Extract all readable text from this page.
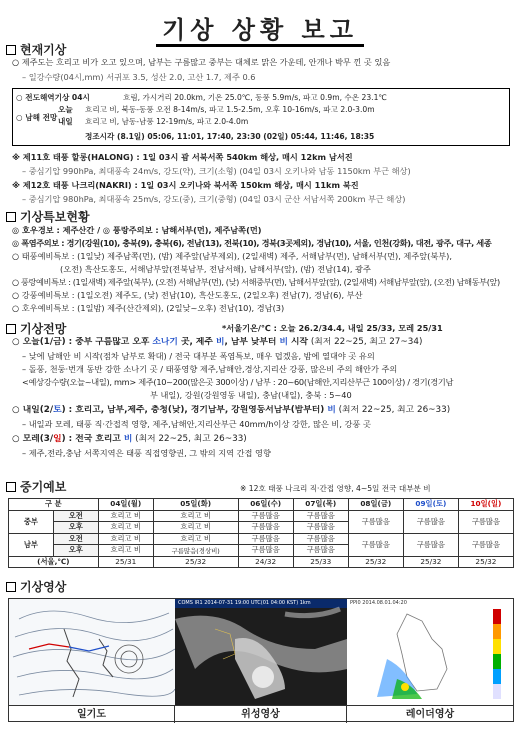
기상 상황 보고
현재기상
○ 제주도는 흐리고 비가 오고 있으며, 남부는 구름많고 중부는 대체로 맑은 가운데, 안개나 박무 낀 곳 있음
– 일강수량(04시,mm) 서귀포 3.5, 성산 2.0, 고산 1.7, 제주 0.6
○ 전도해역기상 04시	흐림, 가시거리 20.0km, 기온 25.0℃, 동풍 5.9m/s, 파고 0.9m, 수온 23.1℃
○ 남해 전망
오늘 흐리고 비, 북동-동풍 오전 8-14m/s, 파고 1.5-2.5m, 오후 10-16m/s, 파고 2.0-3.0m
내일 흐리고 비, 남동-남풍 12-19m/s, 파고 2.0-4.0m
정조시각 (8.1일) 05:06, 11:01, 17:40, 23:30 (02일) 05:44, 11:46, 18:35
※ 제11호 태풍 할롱(HALONG) : 1일 03시 괌 서북서쪽 540km 해상, 매시 12km 남서진
– 중심기압 990hPa, 최대풍속 24m/s, 강도(약), 크기(소형) (04일 03시 오키나와 남동 1150km 부근 해상)
※ 제12호 태풍 나크리(NAKRI) : 1일 03시 오키나와 북서쪽 150km 해상, 매시 11km 북진
– 중심기압 980hPa, 최대풍속 25m/s, 강도(중), 크기(중형) (04일 03시 군산 서남서쪽 200km 부근 해상)
기상특보현황
◎ 호우경보 : 제주산간 / ◎ 풍랑주의보 : 남해서부(먼), 제주남쪽(먼)
◎ 폭염주의보 : 경기(강원(10), 충북(9), 충북(6), 전남(13), 전북(10), 경북(3곳제외), 경남(10), 서울, 인천(강화), 대전, 광주, 대구, 세종
○ 태풍예비특보 : (1일낮) 제주남쪽(먼), (밤) 제주앞(남부제외), (2일새벽) 제주, 서해남부(먼), 남해서부(먼), 제주앞(북부),
(오전) 흑산도홍도, 서해남부앞(전북남부, 전남서해), 남해서부(앞), (밤) 전남(14), 광주
○ 풍랑예비특보 : (1일새벽) 제주앞(북부), (오전) 서해남부(먼), (낮) 서해중부(먼), 남해서부앞(앞), (2일새벽) 서해남부앞(앞), (오전) 남해동부(앞)
○ 강풍예비특보 : (1일오전) 제주도, (낮) 전남(10), 흑산도홍도, (2일오후) 전남(7), 경남(6), 부산
○ 호우예비특보 : (1일밤) 제주(산간제외), (2일낮~오후) 전남(10), 경남(3)
기상전망	*서울기온/℃ : 오늘 26.2/34.4, 내일 25/33, 모레 25/31
○ 오늘(1/금) : 중부 구름많고 오후 소나기 곳, 제주 비, 남부 낮부터 비 시작 (최저 22~25, 최고 27~34)
– 낮에 남해안 비 시작(점차 남부로 확대) / 전국 대부분 폭염특보, 매우 덥겠음, 밤에 열대야 곳 유의
– 돌풍, 천둥·번개 동반 강한 소나기 곳 / 태풍영향 제주,남해안,경상,지리산 강풍, 많은비 주의 해안가 주의
<예상강수량(오늘~내일), mm> 제주(10~200(많은곳 300이상) / 남부 : 20~60(남해안,지리산부근 100이상) / 경기(경기남
부 내일), 강원(강원영동 내일), 충남(내일), 충북 : 5~40
○ 내일(2/토) : 흐리고, 남부,제주, 충청(낮), 경기남부, 강원영동서남부(밤부터) 비 (최저 22~25, 최고 26~33)
– 내일과 모레, 태풍 직·간접적 영향, 제주,남해안,지리산부근 40mm/h이상 강한, 많은 비, 강풍 곳
○ 모레(3/일) : 전국 흐리고 비 (최저 22~25, 최고 26~33)
– 제주,전라,충남 서쪽지역은 태풍 직접영향권, 그 밖의 지역 간접 영향
중기예보	※ 12호 태풍 나크리 직·간접 영향, 4~5일 전국 대부분 비
구 분		04일(월)	05일(화)	06일(수)	07일(목)	08일(금)	09일(토)	10일(일)
중부	오전	흐리고 비	흐리고 비	구름많음	구름많음	구름많음	구름많음	구름많음
	오후	흐리고 비	흐리고 비	구름많음	구름많음			
남부	오전	흐리고 비	흐리고 비	구름많음	구름많음	구름많음	구름많음	구름많음
	오후	흐리고 비	구름많음(경상비)	구름많음	구름많음			
(서울,℃)		25/31	25/32	24/32	25/33	25/32	25/32	25/32
기상영상
일기도
COMS IR1 2014-07-31 19:00 UTC(01 04:00 KST) 1km
위성영상
PPI0 2014.08.01.04:20
레이더영상
